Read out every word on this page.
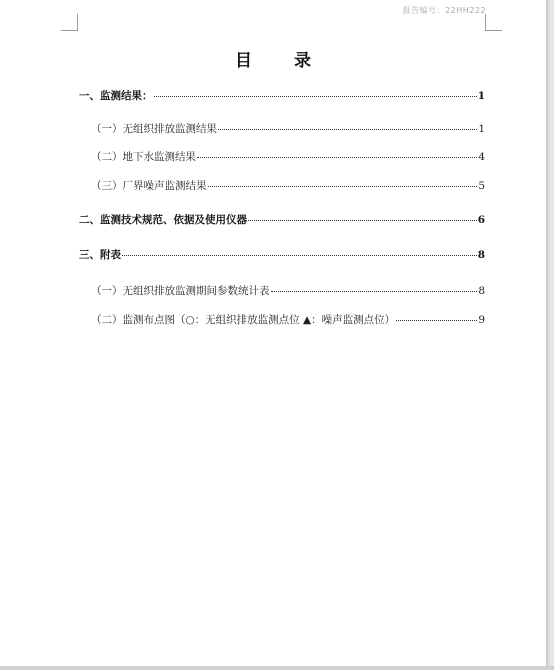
报告编号：22HH222
目 录
一、监测结果：	1
（一）无组织排放监测结果	1
（二）地下水监测结果	4
（三）厂界噪声监测结果	5
二、监测技术规范、依据及使用仪器	6
三、附表	8
（一）无组织排放监测期间参数统计表	8
（二）监测布点图（○：无组织排放监测点位 ▲：噪声监测点位）	9
